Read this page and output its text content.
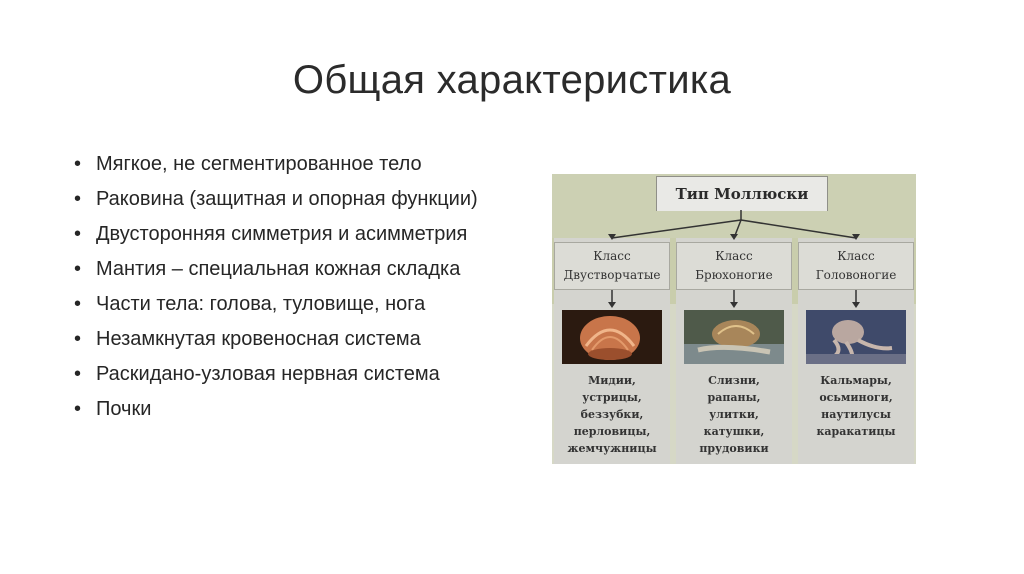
Общая характеристика
• Мягкое, не сегментированное тело
• Раковина (защитная и опорная функции)
• Двусторонняя симметрия и асимметрия
• Мантия – специальная кожная складка
• Части тела: голова, туловище, нога
• Незамкнутая кровеносная система
• Раскидано-узловая нервная система
• Почки
Тип Моллюски
Класс
Двустворчатые
Мидии,
устрицы,
беззубки,
перловицы,
жемчужницы
Класс
Брюхоногие
Слизни,
рапаны,
улитки,
катушки,
прудовики
Класс
Головоногие
Кальмары,
осьминоги,
наутилусы
каракатицы
